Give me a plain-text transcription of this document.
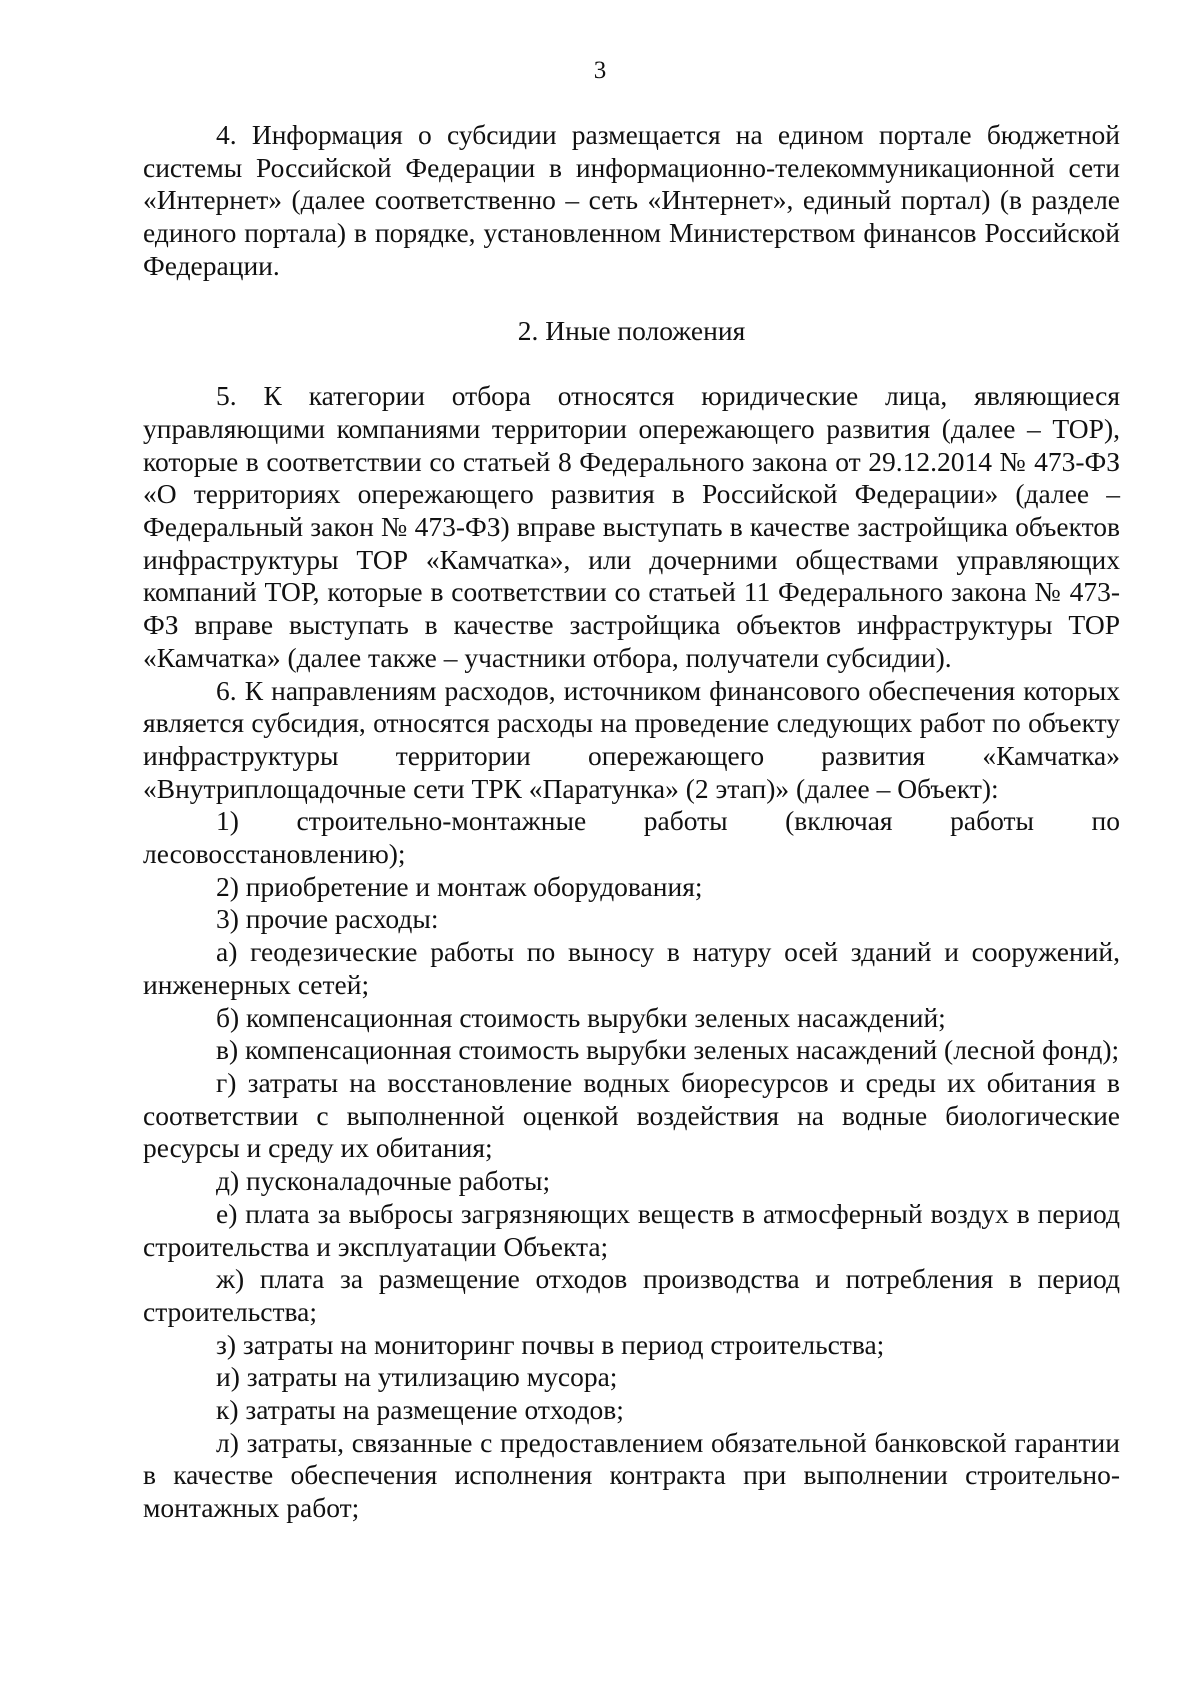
3

4. Информация о субсидии размещается на едином портале бюджетной системы Российской Федерации в информационно-телекоммуникационной сети «Интернет» (далее соответственно – сеть «Интернет», единый портал) (в разделе единого портала) в порядке, установленном Министерством финансов Российской Федерации.

2. Иные положения

5. К категории отбора относятся юридические лица, являющиеся управляющими компаниями территории опережающего развития (далее – ТОР), которые в соответствии со статьей 8 Федерального закона от 29.12.2014 № 473-ФЗ «О территориях опережающего развития в Российской Федерации» (далее – Федеральный закон № 473-ФЗ) вправе выступать в качестве застройщика объектов инфраструктуры ТОР «Камчатка», или дочерними обществами управляющих компаний ТОР, которые в соответствии со статьей 11 Федерального закона № 473-ФЗ вправе выступать в качестве застройщика объектов инфраструктуры ТОР «Камчатка» (далее также – участники отбора, получатели субсидии).

6. К направлениям расходов, источником финансового обеспечения которых является субсидия, относятся расходы на проведение следующих работ по объекту инфраструктуры территории опережающего развития «Камчатка» «Внутриплощадочные сети ТРК «Паратунка» (2 этап)» (далее – Объект):

1) строительно-монтажные работы (включая работы по лесовосстановлению);

2) приобретение и монтаж оборудования;

3) прочие расходы:

а) геодезические работы по выносу в натуру осей зданий и сооружений, инженерных сетей;

б) компенсационная стоимость вырубки зеленых насаждений;

в) компенсационная стоимость вырубки зеленых насаждений (лесной фонд);

г) затраты на восстановление водных биоресурсов и среды их обитания в соответствии с выполненной оценкой воздействия на водные биологические ресурсы и среду их обитания;

д) пусконаладочные работы;

е) плата за выбросы загрязняющих веществ в атмосферный воздух в период строительства и эксплуатации Объекта;

ж) плата за размещение отходов производства и потребления в период строительства;

з) затраты на мониторинг почвы в период строительства;

и) затраты на утилизацию мусора;

к) затраты на размещение отходов;

л) затраты, связанные с предоставлением обязательной банковской гарантии в качестве обеспечения исполнения контракта при выполнении строительно-монтажных работ;
